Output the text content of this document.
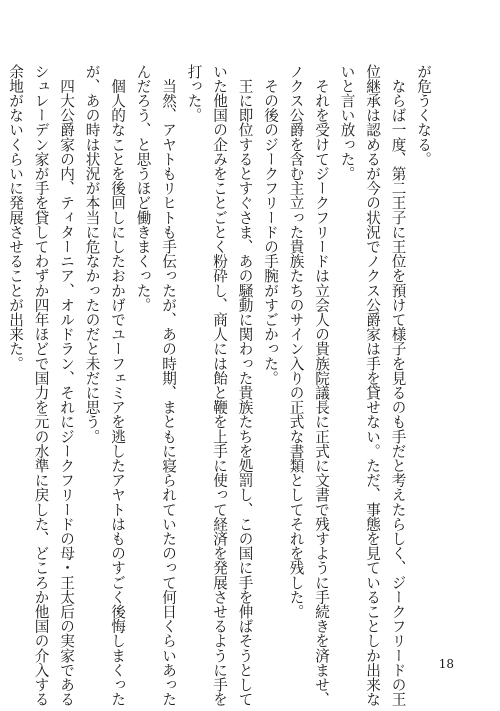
が危うくなる。
　ならば一度、第二王子に王位を預けて様子を見るのも手だと考えたらしく、ジークフリードの王
位継承は認めるが今の状況でノクス公爵家は手を貸せない。ただ、事態を見ていることしか出来な
いと言い放った。
　それを受けてジークフリードは立会人の貴族院議長に正式に文書で残すように手続きを済ませ、
ノクス公爵を含む主立った貴族たちのサイン入りの正式な書類としてそれを残した。
　その後のジークフリードの手腕がすごかった。
　王に即位するとすぐさま、あの騒動に関わった貴族たちを処罰し、この国に手を伸ばそうとして
いた他国の企みをことごとく粉砕し、商人には飴と鞭を上手に使って経済を発展させるように手を
打った。
　当然、アヤトもリヒトも手伝ったが、あの時期、まともに寝られていたのって何日くらいあった
んだろう、と思うほど働きまくった。
　個人的なことを後回しにしたおかげでユーフェミアを逃したアヤトはものすごく後悔しまくった
が、あの時は状況が本当に危なかったのだと未だに思う。
　四大公爵家の内、ティターニア、オルドラン、それにジークフリードの母・王太后の実家である
シュレーデン家が手を貸してわずか四年ほどで国力を元の水準に戻した、どころか他国の介入する
余地がないくらいに発展させることが出来た。
18
